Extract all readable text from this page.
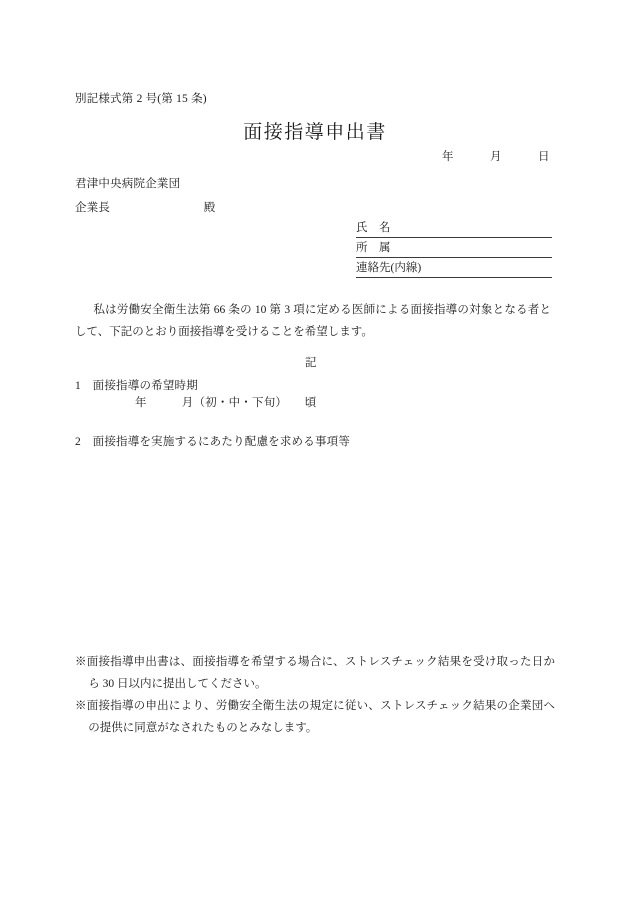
別記様式第 2 号(第 15 条)
面接指導申出書
年　　　月　　　日
君津中央病院企業団
企業長　　　　　　　　殿
氏　名
所　属
連絡先(内線)
私は労働安全衛生法第 66 条の 10 第 3 項に定める医師による面接指導の対象となる者として、下記のとおり面接指導を受けることを希望します。
記
1　面接指導の希望時期
年　　　月（初・中・下旬）　　頃
2　面接指導を実施するにあたり配慮を求める事項等

※面接指導申出書は、面接指導を希望する場合に、ストレスチェック結果を受け取った日から 30 日以内に提出してください。

※面接指導の申出により、労働安全衛生法の規定に従い、ストレスチェック結果の企業団への提供に同意がなされたものとみなします。
